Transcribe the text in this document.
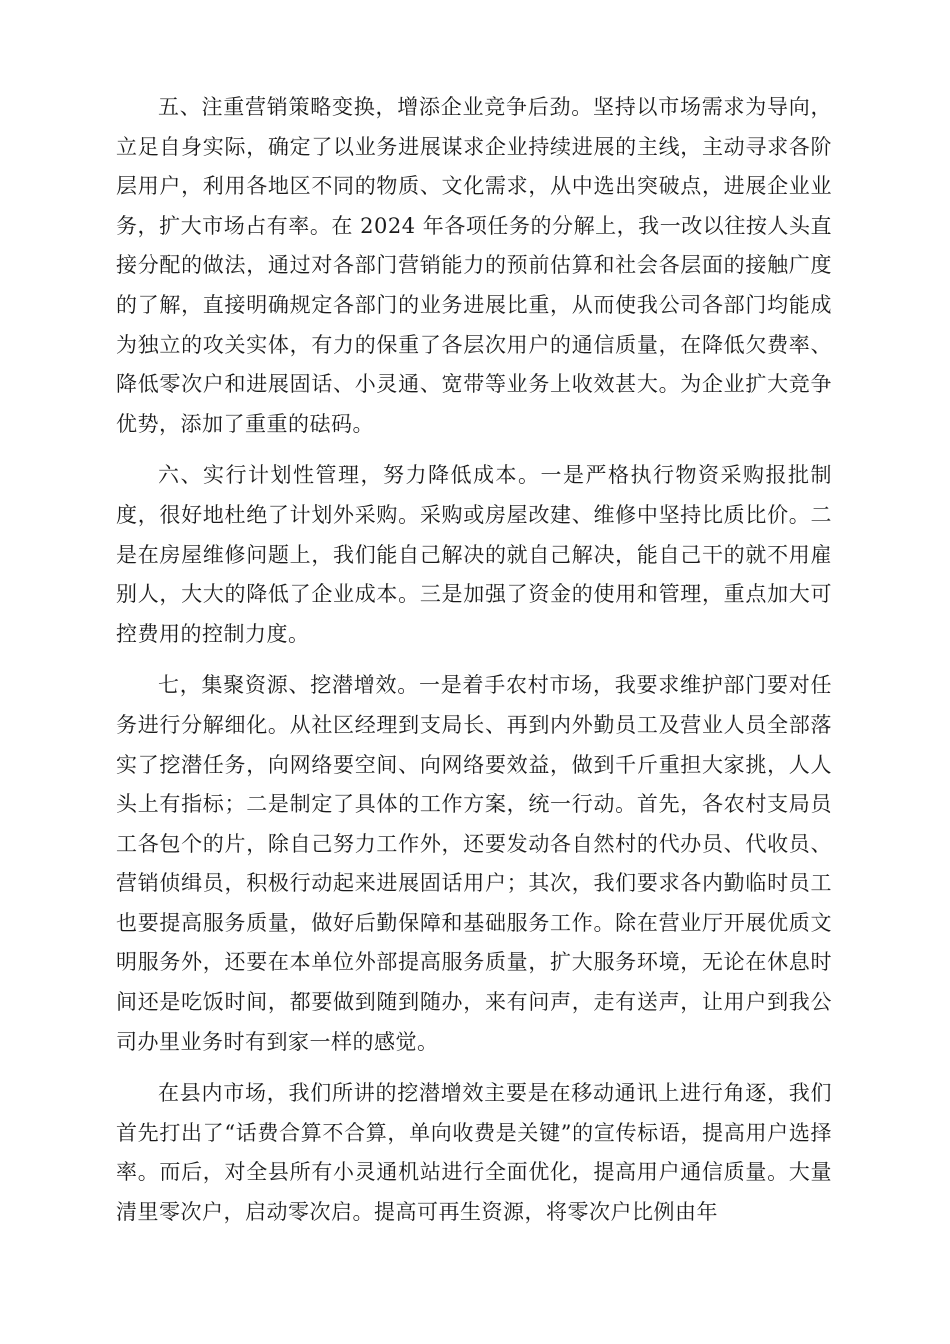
五、注重营销策略变换，增添企业竞争后劲。坚持以市场需求为导向，立足自身实际，确定了以业务进展谋求企业持续进展的主线，主动寻求各阶层用户，利用各地区不同的物质、文化需求，从中选出突破点，进展企业业务，扩大市场占有率。在 2024 年各项任务的分解上，我一改以往按人头直接分配的做法，通过对各部门营销能力的预前估算和社会各层面的接触广度的了解，直接明确规定各部门的业务进展比重，从而使我公司各部门均能成为独立的攻关实体，有力的保重了各层次用户的通信质量，在降低欠费率、降低零次户和进展固话、小灵通、宽带等业务上收效甚大。为企业扩大竞争优势，添加了重重的砝码。

六、实行计划性管理，努力降低成本。一是严格执行物资采购报批制度，很好地杜绝了计划外采购。采购或房屋改建、维修中坚持比质比价。二是在房屋维修问题上，我们能自己解决的就自己解决，能自己干的就不用雇别人，大大的降低了企业成本。三是加强了资金的使用和管理，重点加大可控费用的控制力度。

七，集聚资源、挖潜增效。一是着手农村市场，我要求维护部门要对任务进行分解细化。从社区经理到支局长、再到内外勤员工及营业人员全部落实了挖潜任务，向网络要空间、向网络要效益，做到千斤重担大家挑，人人头上有指标；二是制定了具体的工作方案，统一行动。首先，各农村支局员工各包个的片，除自己努力工作外，还要发动各自然村的代办员、代收员、营销侦缉员，积极行动起来进展固话用户；其次，我们要求各内勤临时员工也要提高服务质量，做好后勤保障和基础服务工作。除在营业厅开展优质文明服务外，还要在本单位外部提高服务质量，扩大服务环境，无论在休息时间还是吃饭时间，都要做到随到随办，来有问声，走有送声，让用户到我公司办里业务时有到家一样的感觉。

在县内市场，我们所讲的挖潜增效主要是在移动通讯上进行角逐，我们首先打出了“话费合算不合算，单向收费是关键”的宣传标语，提高用户选择率。而后，对全县所有小灵通机站进行全面优化，提高用户通信质量。大量清里零次户，启动零次启。提高可再生资源，将零次户比例由年
